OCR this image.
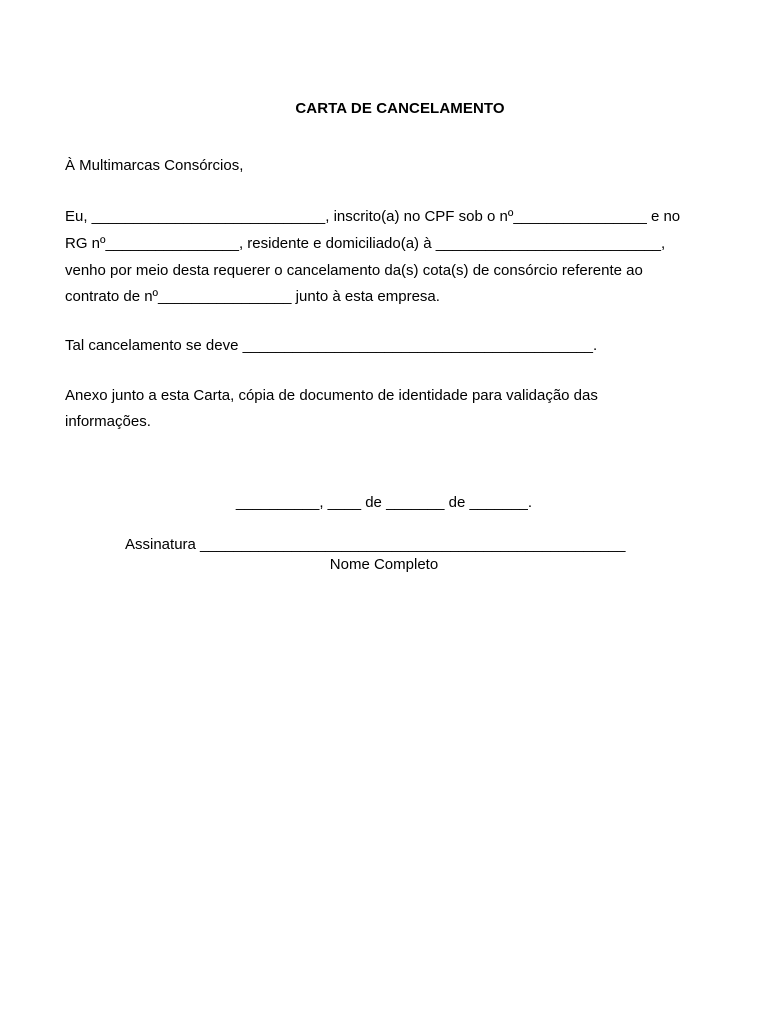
CARTA DE CANCELAMENTO
À Multimarcas Consórcios,
Eu, ____________________________, inscrito(a) no CPF sob o nº________________ e no
RG nº________________, residente e domiciliado(a) à ___________________________,
venho por meio desta requerer o cancelamento da(s) cota(s) de consórcio referente ao
contrato de nº________________ junto à esta empresa.
Tal cancelamento se deve __________________________________________.
Anexo junto a esta Carta, cópia de documento de identidade para validação das
informações.
__________, ____ de _______ de _______.
Assinatura ___________________________________________________
Nome Completo
